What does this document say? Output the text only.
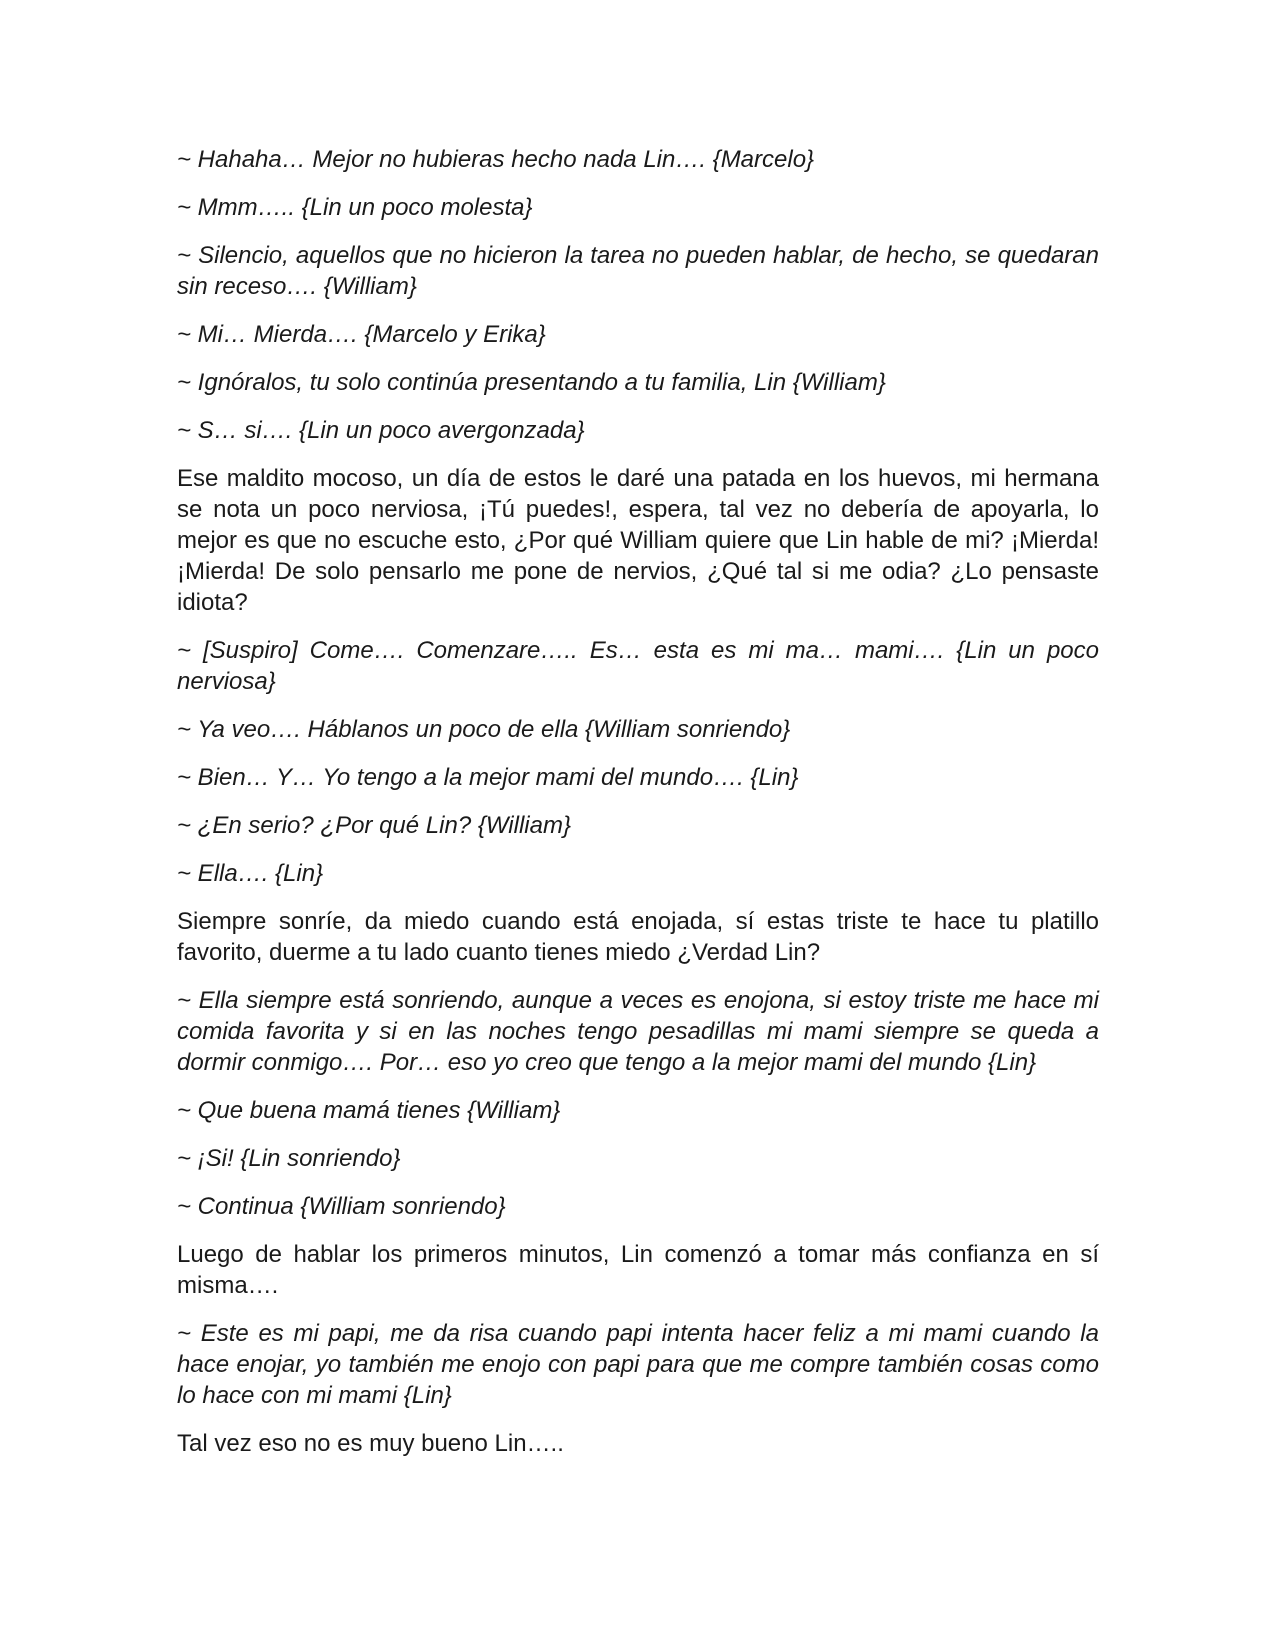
~ Hahaha… Mejor no hubieras hecho nada Lin…. {Marcelo}

~ Mmm….. {Lin un poco molesta}

~ Silencio, aquellos que no hicieron la tarea no pueden hablar, de hecho, se quedaran sin receso…. {William}

~ Mi… Mierda…. {Marcelo y Erika}

~ Ignóralos, tu solo continúa presentando a tu familia, Lin {William}

~ S… si…. {Lin un poco avergonzada}

Ese maldito mocoso, un día de estos le daré una patada en los huevos, mi hermana se nota un poco nerviosa, ¡Tú puedes!, espera, tal vez no debería de apoyarla, lo mejor es que no escuche esto, ¿Por qué William quiere que Lin hable de mi? ¡Mierda! ¡Mierda! De solo pensarlo me pone de nervios, ¿Qué tal si me odia? ¿Lo pensaste idiota?

~ [Suspiro] Come…. Comenzare….. Es… esta es mi ma… mami…. {Lin un poco nerviosa}

~ Ya veo…. Háblanos un poco de ella {William sonriendo}

~ Bien… Y… Yo tengo a la mejor mami del mundo…. {Lin}

~ ¿En serio? ¿Por qué Lin? {William}

~ Ella…. {Lin}

Siempre sonríe, da miedo cuando está enojada, sí estas triste te hace tu platillo favorito, duerme a tu lado cuanto tienes miedo ¿Verdad Lin?

~ Ella siempre está sonriendo, aunque a veces es enojona, si estoy triste me hace mi comida favorita y si en las noches tengo pesadillas mi mami siempre se queda a dormir conmigo…. Por… eso yo creo que tengo a la mejor mami del mundo {Lin}

~ Que buena mamá tienes {William}

~ ¡Si! {Lin sonriendo}

~ Continua {William sonriendo}

Luego de hablar los primeros minutos, Lin comenzó a tomar más confianza en sí misma….

~ Este es mi papi, me da risa cuando papi intenta hacer feliz a mi mami cuando la hace enojar, yo también me enojo con papi para que me compre también cosas como lo hace con mi mami {Lin}

Tal vez eso no es muy bueno Lin…..
